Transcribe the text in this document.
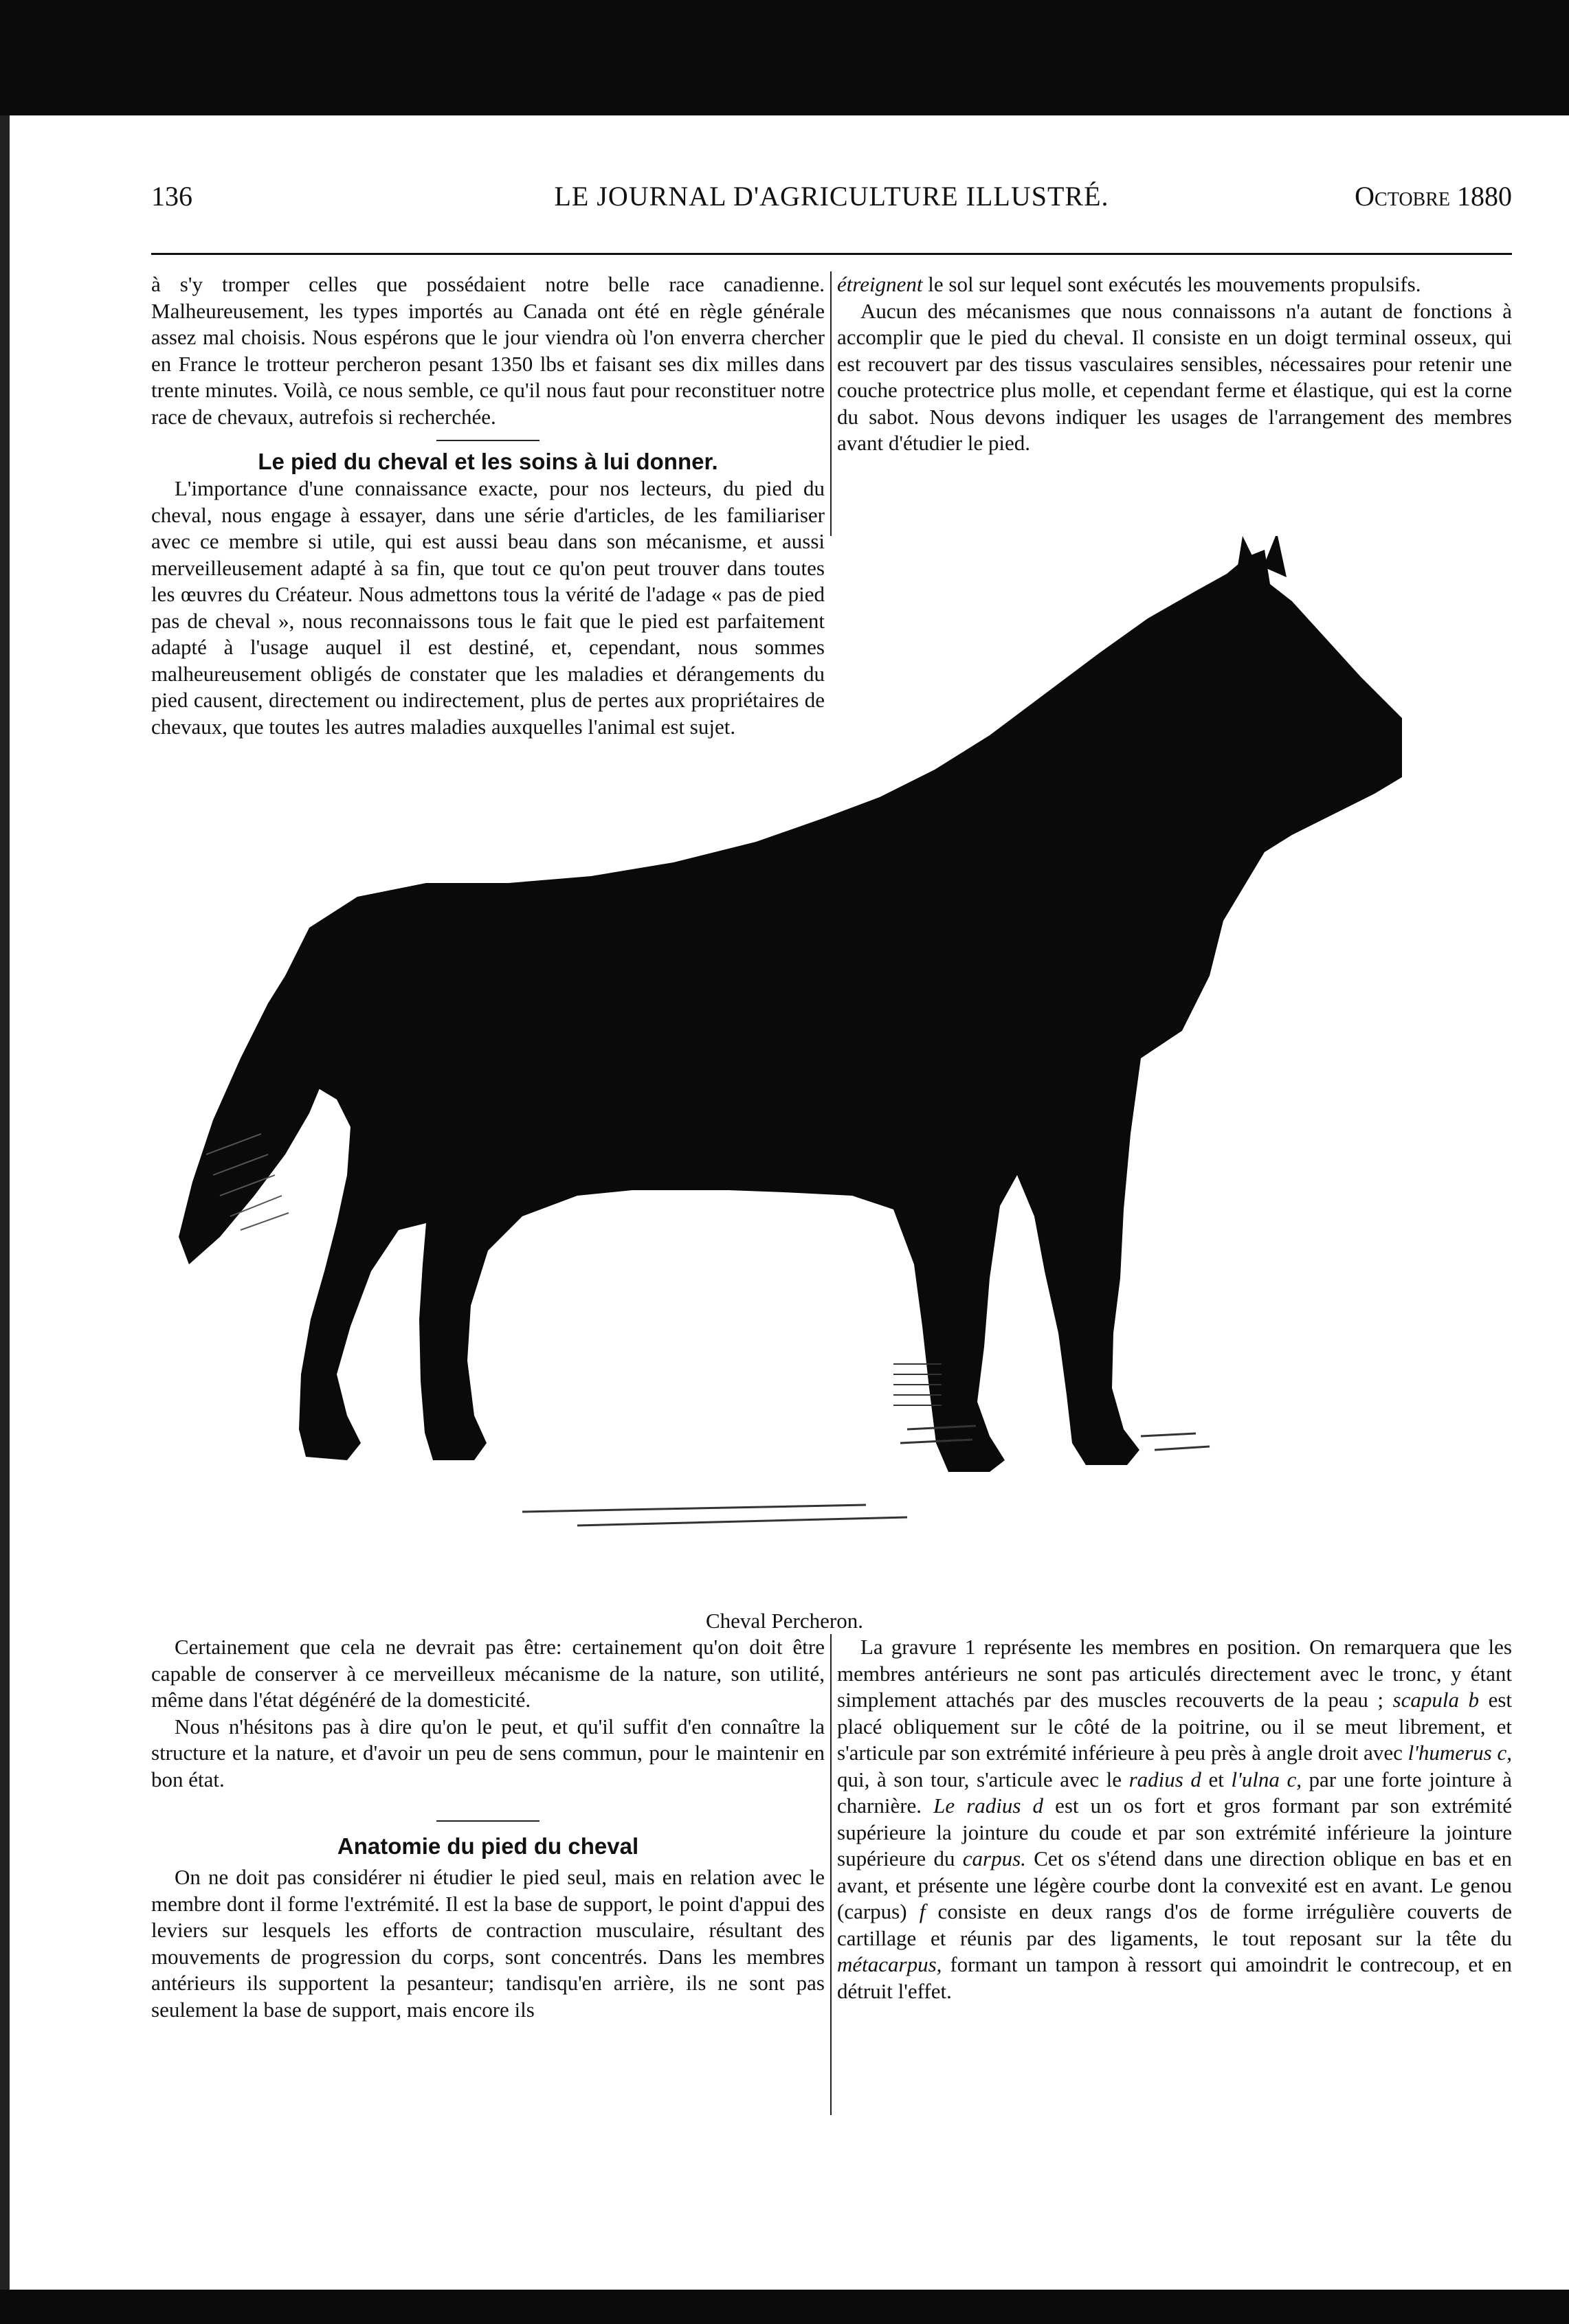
136	LE JOURNAL D'AGRICULTURE ILLUSTRÉ.	Octobre 1880

à s'y tromper celles que possédaient notre belle race canadienne. Malheureusement, les types importés au Canada ont été en règle générale assez mal choisis. Nous espérons que le jour viendra où l'on enverra chercher en France le trotteur percheron pesant 1350 lbs et faisant ses dix milles dans trente minutes. Voilà, ce nous semble, ce qu'il nous faut pour reconstituer notre race de chevaux, autrefois si recherchée.

Le pied du cheval et les soins à lui donner.

L'importance d'une connaissance exacte, pour nos lecteurs, du pied du cheval, nous engage à essayer, dans une série d'articles, de les familiariser avec ce membre si utile, qui est aussi beau dans son mécanisme, et aussi merveilleusement adapté à sa fin, que tout ce qu'on peut trouver dans toutes les œuvres du Créateur. Nous admettons tous la vérité de l'adage « pas de pied pas de cheval », nous reconnaissons tous le fait que le pied est parfaitement adapté à l'usage auquel il est destiné, et, cependant, nous sommes malheureusement obligés de constater que les maladies et dérangements du pied causent, directement ou indirectement, plus de pertes aux propriétaires de chevaux, que toutes les autres maladies auxquelles l'animal est sujet.

étreignent le sol sur lequel sont exécutés les mouvements propulsifs.

Aucun des mécanismes que nous connaissons n'a autant de fonctions à accomplir que le pied du cheval. Il consiste en un doigt terminal osseux, qui est recouvert par des tissus vasculaires sensibles, nécessaires pour retenir une couche protectrice plus molle, et cependant ferme et élastique, qui est la corne du sabot. Nous devons indiquer les usages de l'arrangement des membres avant d'étudier le pied.

Cheval Percheron.

Certainement que cela ne devrait pas être: certainement qu'on doit être capable de conserver à ce merveilleux mécanisme de la nature, son utilité, même dans l'état dégénéré de la domesticité.

Nous n'hésitons pas à dire qu'on le peut, et qu'il suffit d'en connaître la structure et la nature, et d'avoir un peu de sens commun, pour le maintenir en bon état.

Anatomie du pied du cheval

On ne doit pas considérer ni étudier le pied seul, mais en relation avec le membre dont il forme l'extrémité. Il est la base de support, le point d'appui des leviers sur lesquels les efforts de contraction musculaire, résultant des mouvements de progression du corps, sont concentrés. Dans les membres antérieurs ils supportent la pesanteur; tandisqu'en arrière, ils ne sont pas seulement la base de support, mais encore ils

La gravure 1 représente les membres en position. On remarquera que les membres antérieurs ne sont pas articulés directement avec le tronc, y étant simplement attachés par des muscles recouverts de la peau ; scapula b est placé obliquement sur le côté de la poitrine, ou il se meut librement, et s'articule par son extrémité inférieure à peu près à angle droit avec l'humerus c, qui, à son tour, s'articule avec le radius d et l'ulna c, par une forte jointure à charnière. Le radius d est un os fort et gros formant par son extrémité supérieure la jointure du coude et par son extrémité inférieure la jointure supérieure du carpus. Cet os s'étend dans une direction oblique en bas et en avant, et présente une légère courbe dont la convexité est en avant. Le genou (carpus) f consiste en deux rangs d'os de forme irrégulière couverts de cartillage et réunis par des ligaments, le tout reposant sur la tête du métacarpus, formant un tampon à ressort qui amoindrit le contrecoup, et en détruit l'effet.
